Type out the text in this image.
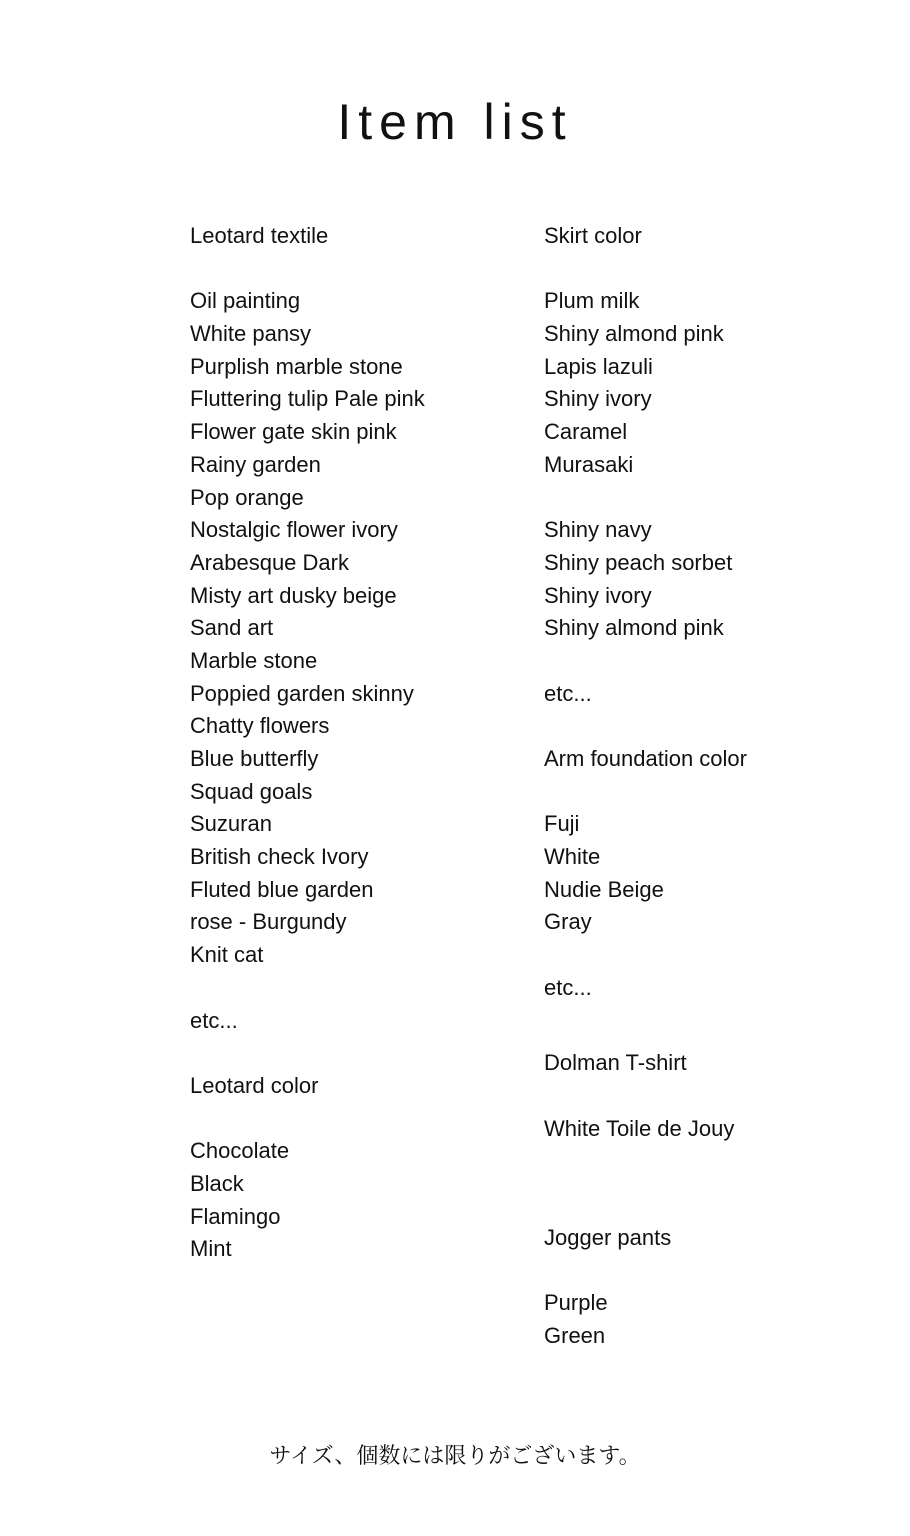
Item list
Leotard textile
Oil painting
White pansy
Purplish marble stone
Fluttering tulip Pale pink
Flower gate skin pink
Rainy garden
Pop orange
Nostalgic flower ivory
Arabesque Dark
Misty art dusky beige
Sand art
Marble stone
Poppied garden skinny
Chatty flowers
Blue butterfly
Squad goals
Suzuran
British check Ivory
Fluted blue garden
rose - Burgundy
Knit cat
etc...
Leotard color
Chocolate
Black
Flamingo
Mint
Skirt color
Plum milk
Shiny almond pink
Lapis lazuli
Shiny ivory
Caramel
Murasaki
Shiny navy
Shiny peach sorbet
Shiny ivory
Shiny almond pink
etc...
Arm foundation color
Fuji
White
Nudie Beige
Gray
etc...
Dolman T-shirt
White Toile de Jouy
Jogger pants
Purple
Green
サイズ、個数には限りがございます。
